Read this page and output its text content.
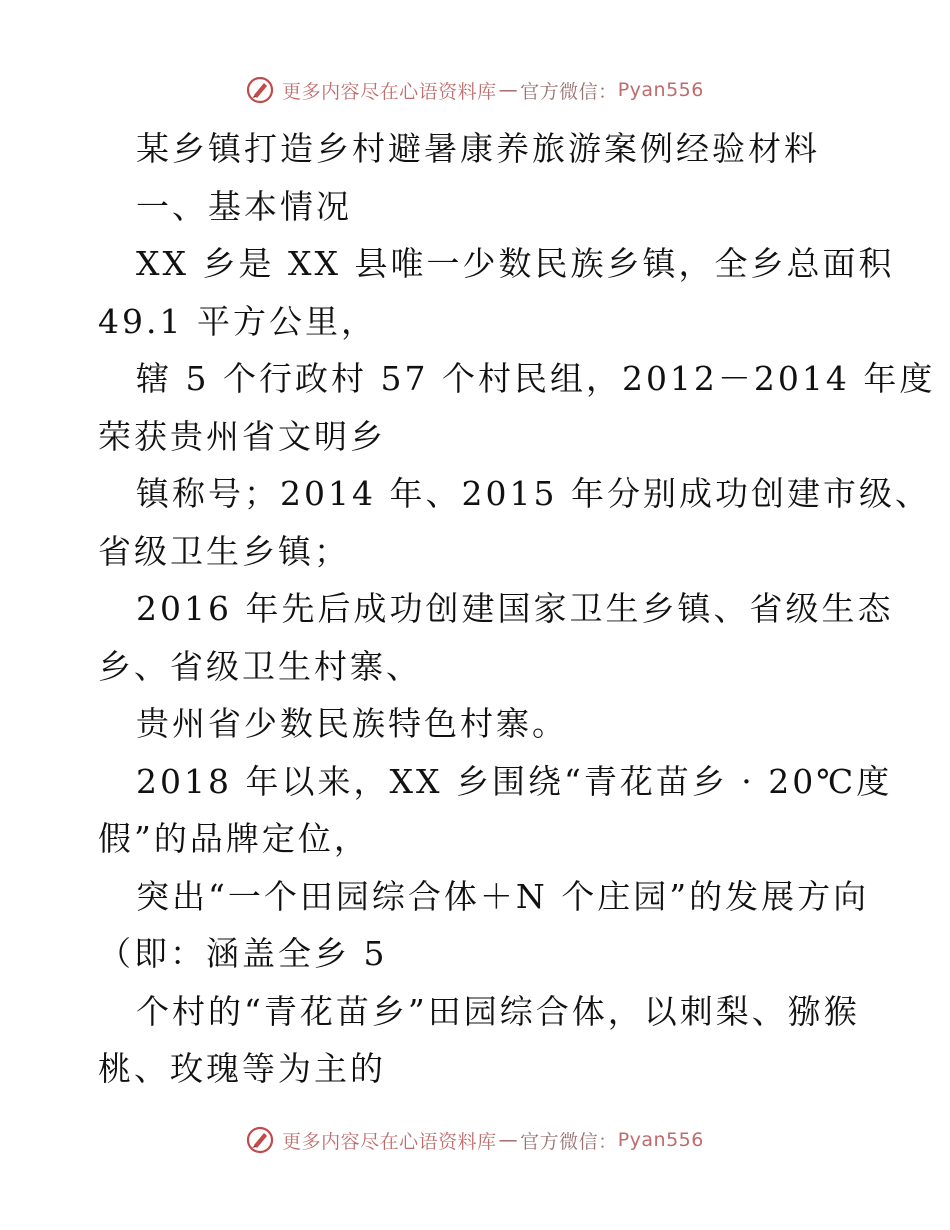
更多内容尽在心语资料库 — 官方微信： Pyan556
某乡镇打造乡村避暑康养旅游案例经验材料
一、基本情况
XX 乡是 XX 县唯一少数民族乡镇，全乡总面积
49.1 平方公里，
辖 5 个行政村 57 个村民组，2012－2014 年度
荣获贵州省文明乡
镇称号；2014 年、2015 年分别成功创建市级、
省级卫生乡镇；
2016 年先后成功创建国家卫生乡镇、省级生态
乡、省级卫生村寨、
贵州省少数民族特色村寨。
2018 年以来，XX 乡围绕“青花苗乡 · 20℃度
假”的品牌定位，
突出“一个田园综合体＋N 个庄园”的发展方向
（即：涵盖全乡 5
个村的“青花苗乡”田园综合体，以刺梨、猕猴
桃、玫瑰等为主的
更多内容尽在心语资料库 — 官方微信： Pyan556
